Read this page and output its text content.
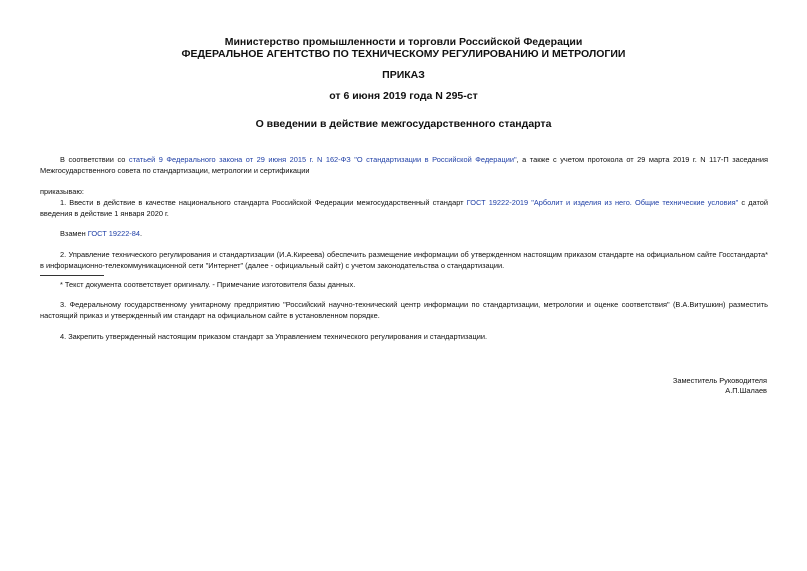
Министерство промышленности и торговли Российской Федерации
ФЕДЕРАЛЬНОЕ АГЕНТСТВО ПО ТЕХНИЧЕСКОМУ РЕГУЛИРОВАНИЮ И МЕТРОЛОГИИ
ПРИКАЗ
от 6 июня 2019 года N 295-ст
О введении в действие межгосударственного стандарта
В соответствии со статьей 9 Федерального закона от 29 июня 2015 г. N 162-ФЗ "О стандартизации в Российской Федерации", а также с учетом протокола от 29 марта 2019 г. N 117-П заседания Межгосударственного совета по стандартизации, метрологии и сертификации
приказываю:
1. Ввести в действие в качестве национального стандарта Российской Федерации межгосударственный стандарт ГОСТ 19222-2019 "Арболит и изделия из него. Общие технические условия" с датой введения в действие 1 января 2020 г.
Взамен ГОСТ 19222-84.
2. Управление технического регулирования и стандартизации (И.А.Киреева) обеспечить размещение информации об утвержденном настоящим приказом стандарте на официальном сайте Госстандарта* в информационно-телекоммуникационной сети "Интернет" (далее - официальный сайт) с учетом законодательства о стандартизации.
* Текст документа соответствует оригиналу. - Примечание изготовителя базы данных.
3. Федеральному государственному унитарному предприятию "Российский научно-технический центр информации по стандартизации, метрологии и оценке соответствия" (В.А.Витушкин) разместить настоящий приказ и утвержденный им стандарт на официальном сайте в установленном порядке.
4. Закрепить утвержденный настоящим приказом стандарт за Управлением технического регулирования и стандартизации.
Заместитель Руководителя
А.П.Шалаев
